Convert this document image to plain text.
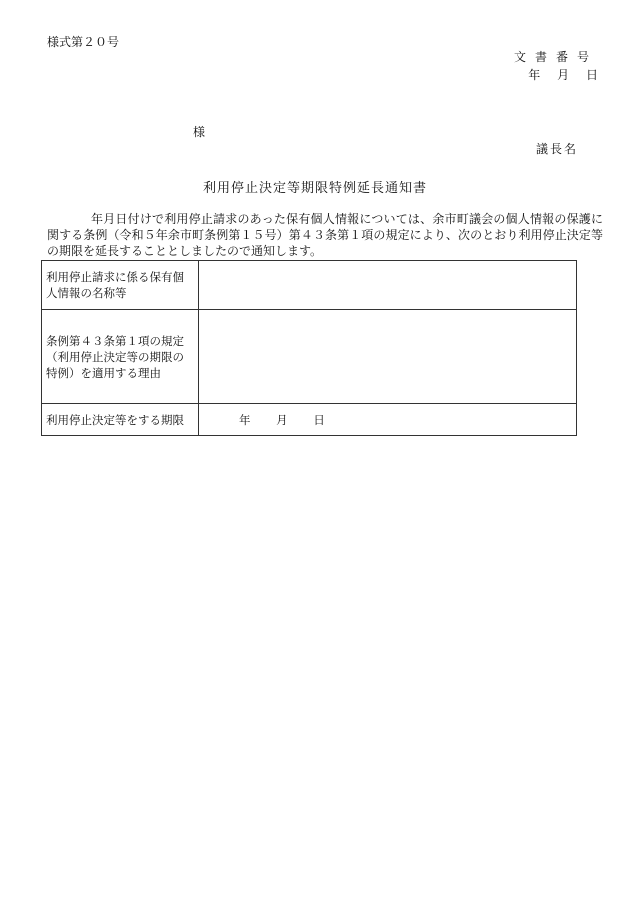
様式第２０号
文書番号
年 月 日
様
議長名
利用停止決定等期限特例延長通知書
年月日付けで利用停止請求のあった保有個人情報については、余市町議会の個人情報の保護に関する条例（令和５年余市町条例第１５号）第４３条第１項の規定により、次のとおり利用停止決定等の期限を延長することとしましたので通知します。
利用停止請求に係る保有個人情報の名称等	
条例第４３条第１項の規定（利用停止決定等の期限の特例）を適用する理由	
利用停止決定等をする期限	年 月 日
